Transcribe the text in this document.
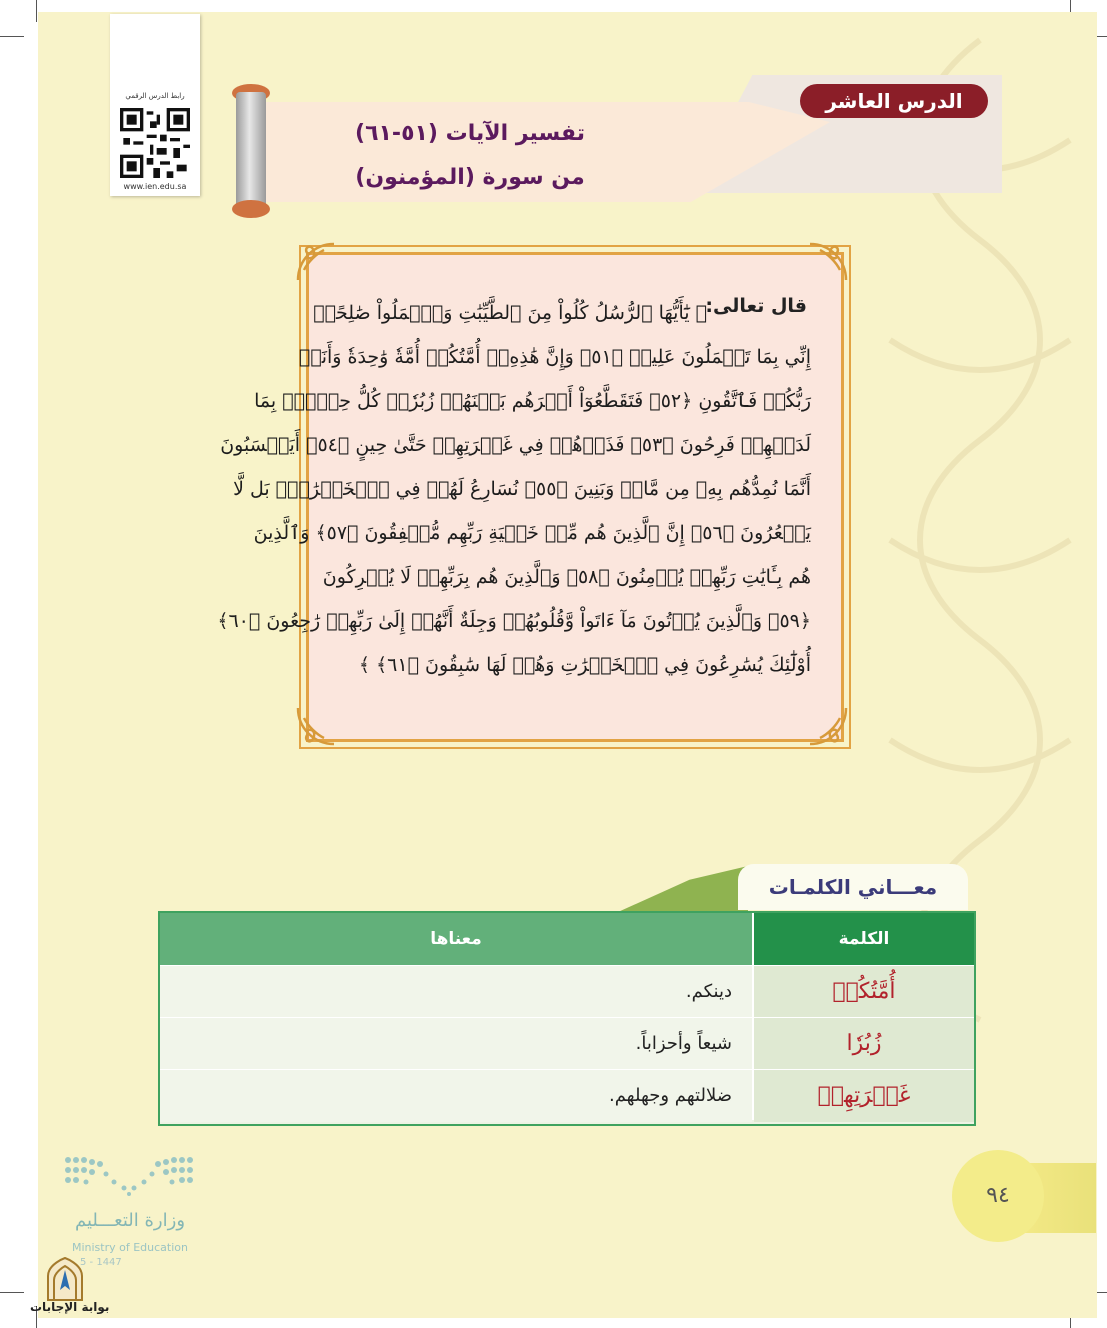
رابط الدرس الرقمي
www.ien.edu.sa
الدرس العاشر
تفسير الآيات (٥١-٦١)
من سورة (المؤمنون)
قال تعالى:
﴿ يَٰٓأَيُّهَا ٱلرُّسُلُ كُلُواْ مِنَ ٱلطَّيِّبَٰتِ وَٱعۡمَلُواْ صَٰلِحًاۖ
إِنِّي بِمَا تَعۡمَلُونَ عَلِيمٞ ﴿٥١﴾ وَإِنَّ هَٰذِهِۦٓ أُمَّتُكُمۡ أُمَّةٗ وَٰحِدَةٗ وَأَنَا۠
رَبُّكُمۡ فَٱتَّقُونِ ﴿٥٢﴾ فَتَقَطَّعُوٓاْ أَمۡرَهُم بَيۡنَهُمۡ زُبُرٗاۖ كُلُّ حِزۡبِۭ بِمَا
لَدَيۡهِمۡ فَرِحُونَ ﴿٥٣﴾ فَذَرۡهُمۡ فِي غَمۡرَتِهِمۡ حَتَّىٰ حِينٍ ﴿٥٤﴾ أَيَحۡسَبُونَ
أَنَّمَا نُمِدُّهُم بِهِۦ مِن مَّالٖ وَبَنِينَ ﴿٥٥﴾ نُسَارِعُ لَهُمۡ فِي ٱلۡخَيۡرَٰتِۚ بَل لَّا
يَشۡعُرُونَ ﴿٥٦﴾ إِنَّ ٱلَّذِينَ هُم مِّنۡ خَشۡيَةِ رَبِّهِم مُّشۡفِقُونَ ﴿٥٧﴾ وَٱلَّذِينَ
هُم بِـَٔايَٰتِ رَبِّهِمۡ يُؤۡمِنُونَ ﴿٥٨﴾ وَٱلَّذِينَ هُم بِرَبِّهِمۡ لَا يُشۡرِكُونَ
﴿٥٩﴾ وَٱلَّذِينَ يُؤۡتُونَ مَآ ءَاتَواْ وَّقُلُوبُهُمۡ وَجِلَةٌ أَنَّهُمۡ إِلَىٰ رَبِّهِمۡ رَٰجِعُونَ ﴿٦٠﴾
أُوْلَٰٓئِكَ يُسَٰرِعُونَ فِي ٱلۡخَيۡرَٰتِ وَهُمۡ لَهَا سَٰبِقُونَ ﴿٦١﴾ ﴾
معـــاني الكلمـات
الكلمة
معناها
أُمَّتُكُمۡ
دينكم.
زُبُرٗا
شيعاً وأحزاباً.
غَمۡرَتِهِمۡ
ضلالتهم وجهلهم.
٩٤
وزارة التعـــليم
Ministry of Education
5 - 1447
بوابة الإجابات
